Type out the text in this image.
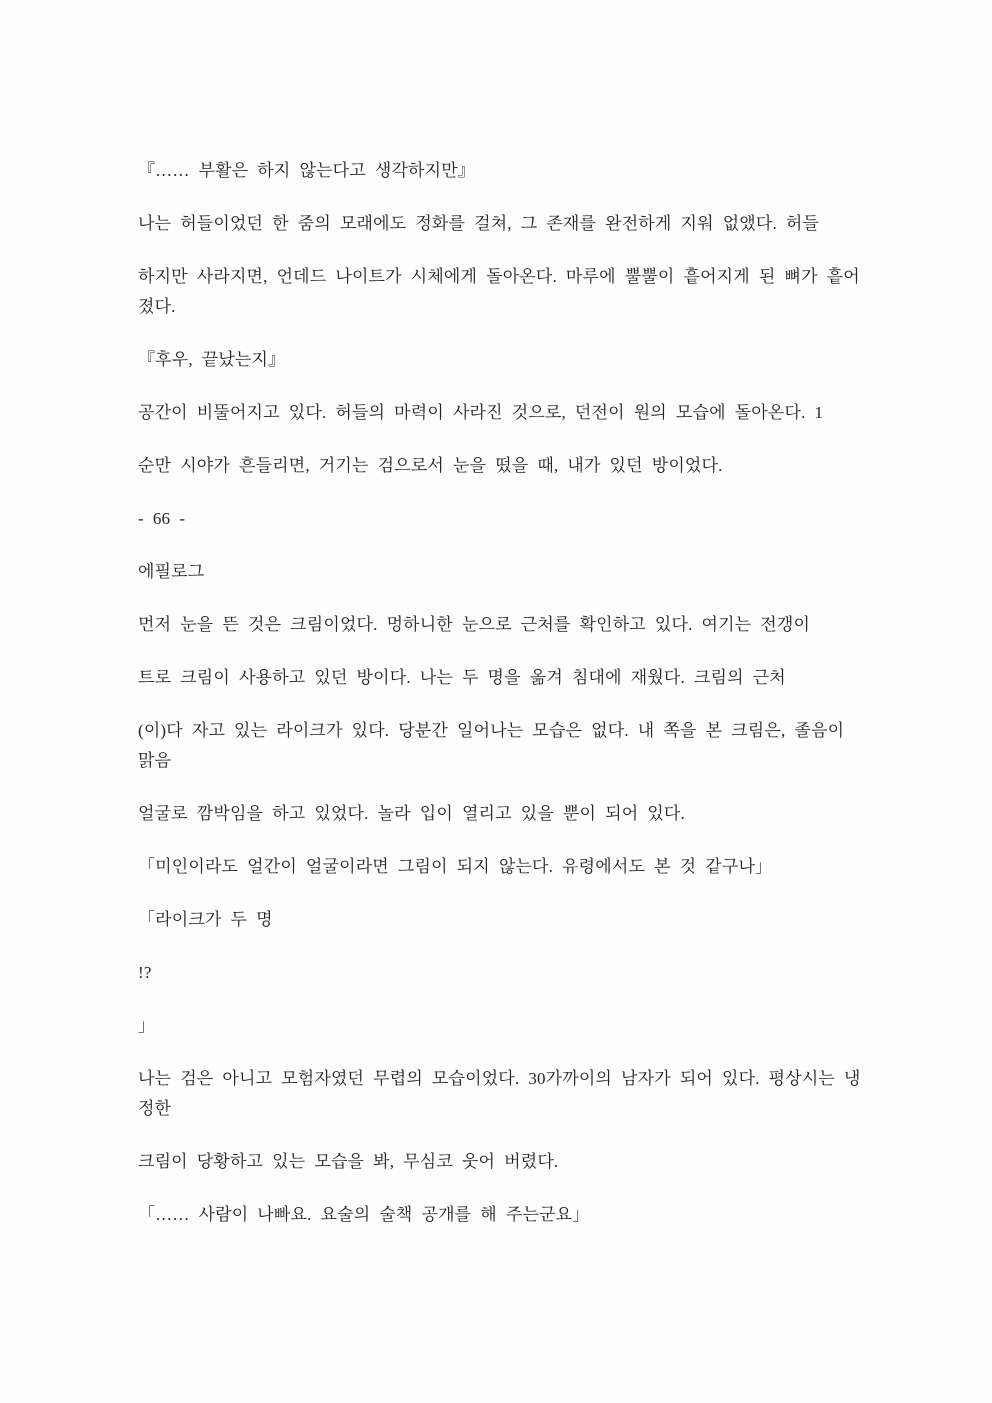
『…… 부활은 하지 않는다고 생각하지만』

나는 허들이었던 한 줌의 모래에도 정화를 걸쳐, 그 존재를 완전하게 지워 없앴다. 허들

하지만 사라지면, 언데드 나이트가 시체에게 돌아온다. 마루에 뿔뿔이 흩어지게 된 뼈가 흩어
졌다.

『후우, 끝났는지』

공간이 비뚤어지고 있다. 허들의 마력이 사라진 것으로, 던전이 원의 모습에 돌아온다. 1

순만 시야가 흔들리면, 거기는 검으로서 눈을 떴을 때, 내가 있던 방이었다.

- 66 -

에필로그

먼저 눈을 뜬 것은 크림이었다. 멍하니한 눈으로 근처를 확인하고 있다. 여기는 전갱이

트로 크림이 사용하고 있던 방이다. 나는 두 명을 옮겨 침대에 재웠다. 크림의 근처

(이)다 자고 있는 라이크가 있다. 당분간 일어나는 모습은 없다. 내 쪽을 본 크림은, 졸음이
맑음

얼굴로 깜박임을 하고 있었다. 놀라 입이 열리고 있을 뿐이 되어 있다.

「미인이라도 얼간이 얼굴이라면 그림이 되지 않는다. 유령에서도 본 것 같구나」

「라이크가 두 명

!?

」

나는 검은 아니고 모험자였던 무렵의 모습이었다. 30가까이의 남자가 되어 있다. 평상시는 냉
정한

크림이 당황하고 있는 모습을 봐, 무심코 웃어 버렸다.

「…… 사람이 나빠요. 요술의 술책 공개를 해 주는군요」
